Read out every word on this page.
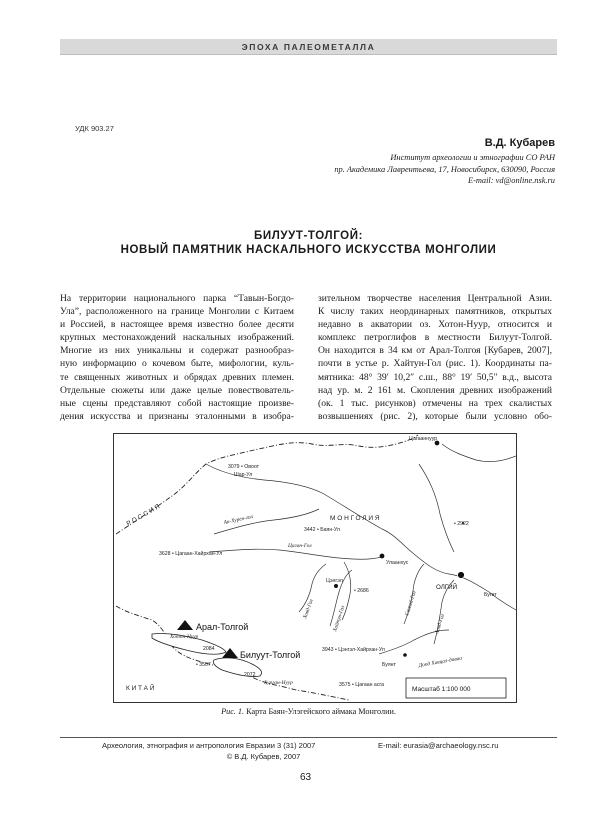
ЭПОХА ПАЛЕОМЕТАЛЛА
УДК 903.27
В.Д. Кубарев
Институт археологии и этнографии СО РАН
пр. Академика Лаврентьева, 17, Новосибирск, 630090, Россия
E-mail: vd@online.nsk.ru
БИЛУУТ-ТОЛГОЙ:
НОВЫЙ ПАМЯТНИК НАСКАЛЬНОГО ИСКУССТВА МОНГОЛИИ
На территории национального парка “Тавын-Богдо-
Ула”, расположенного на границе Монголии с Китаем
и Россией, в настоящее время известно более десяти
крупных местонахождений наскальных изображений.
Многие из них уникальны и содержат разнообраз-
ную информацию о кочевом быте, мифологии, куль-
те священных животных и обрядах древних племен.
Отдельные сюжеты или даже целые повествователь-
ные сцены представляют собой настоящие произве-
дения искусства и признаны эталонными в изобра-
зительном творчестве населения Центральной Азии.
К числу таких неординарных памятников, открытых
недавно в акватории оз. Хотон-Нуур, относится и
комплекс петроглифов в местности Билуут-Толгой.
Он находится в 34 км от Арал-Толгоя [Кубарев, 2007],
почти в устье р. Хайтун-Гол (рис. 1). Координаты па-
мятника: 48° 39′ 10,2″ с.ш., 88° 19′ 50,5″ в.д., высота
над ур. м. 2 161 м. Скопления древних изображений
(ок. 1 тыс. рисунков) отмечены на трех скалистых
возвышениях (рис. 2), которые были условно обо-
РОССИЯ	МОНГОЛИЯ
КИТАЙ
Цагааннуур
3079 • Овоот
Шар-Ул
3442 • Баян-Ул
3628 • Цагаан-Хайрхан-Ул
Улаанхус
Цэнгэл
• 2686	ОЛГИЙ
Бугат
• 2922
3943 • Цэнгэл-Хайрхан-Ул
Буянт	Доод Хавцал-даваа
3575 • Цагаан асга
2084
• 3507
2072
Хотон-Нуур
Хурган-Нуур
Цаган-Гол
Ак-Хурен-гол
Ховд-Гол	Хайтун-Гол
Сагсай-Гол
Ховд-Гол
Арал-Толгой
Билуут-Толгой
Масштаб 1:100 000
Рис. 1. Карта Баян-Улэгейского аймака Монголии.
Археология, этнография и антропология Евразии 3 (31) 2007	E-mail: eurasia@archaeology.nsc.ru
© В.Д. Кубарев, 2007
63
